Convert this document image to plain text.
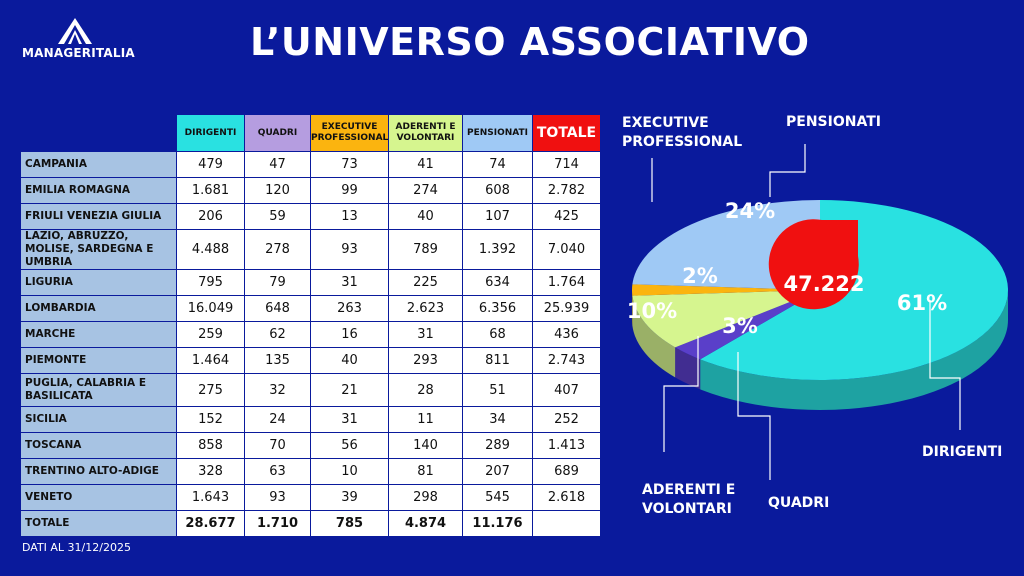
MANAGERITALIA	L’UNIVERSO ASSOCIATIVO
	DIRIGENTI	QUADRI	EXECUTIVE PROFESSIONAL	ADERENTI E VOLONTARI	PENSIONATI	TOTALE
CAMPANIA	479	47	73	41	74	714
EMILIA ROMAGNA	1.681	120	99	274	608	2.782
FRIULI VENEZIA GIULIA	206	59	13	40	107	425
LAZIO, ABRUZZO, MOLISE, SARDEGNA E UMBRIA	4.488	278	93	789	1.392	7.040
LIGURIA	795	79	31	225	634	1.764
LOMBARDIA	16.049	648	263	2.623	6.356	25.939
MARCHE	259	62	16	31	68	436
PIEMONTE	1.464	135	40	293	811	2.743
PUGLIA, CALABRIA E BASILICATA	275	32	21	28	51	407
SICILIA	152	24	31	11	34	252
TOSCANA	858	70	56	140	289	1.413
TRENTINO ALTO-ADIGE	328	63	10	81	207	689
VENETO	1.643	93	39	298	545	2.618
TOTALE	28.677	1.710	785	4.874	11.176	47.222
DATI AL 31/12/2025
61%
3%
10%
2%
24%
47.222
DIRIGENTI
QUADRI
ADERENTI E VOLONTARI
EXECUTIVE PROFESSIONAL
PENSIONATI
